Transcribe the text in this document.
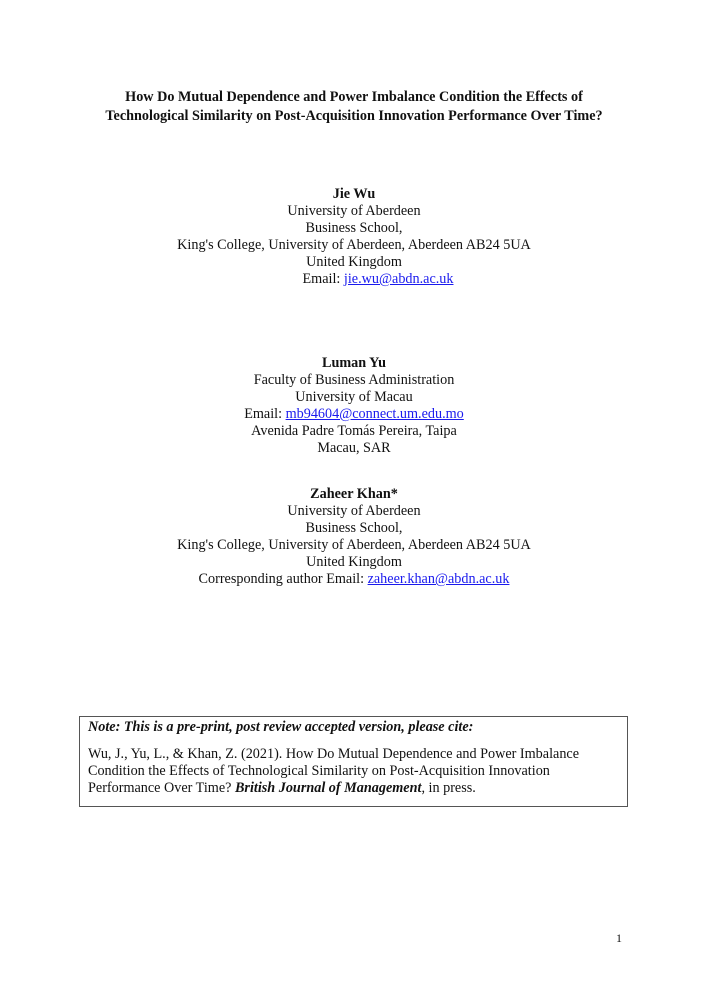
How Do Mutual Dependence and Power Imbalance Condition the Effects of
Technological Similarity on Post-Acquisition Innovation Performance Over Time?
Jie Wu
University of Aberdeen
Business School,
King's College, University of Aberdeen, Aberdeen AB24 5UA
United Kingdom
Email: jie.wu@abdn.ac.uk
Luman Yu
Faculty of Business Administration
University of Macau
Email: mb94604@connect.um.edu.mo
Avenida Padre Tomás Pereira, Taipa
Macau, SAR
Zaheer Khan*
University of Aberdeen
Business School,
King's College, University of Aberdeen, Aberdeen AB24 5UA
United Kingdom
Corresponding author Email: zaheer.khan@abdn.ac.uk
Note: This is a pre-print, post review accepted version, please cite:
Wu, J., Yu, L., & Khan, Z. (2021). How Do Mutual Dependence and Power Imbalance
Condition the Effects of Technological Similarity on Post-Acquisition Innovation
Performance Over Time? British Journal of Management, in press.
1
